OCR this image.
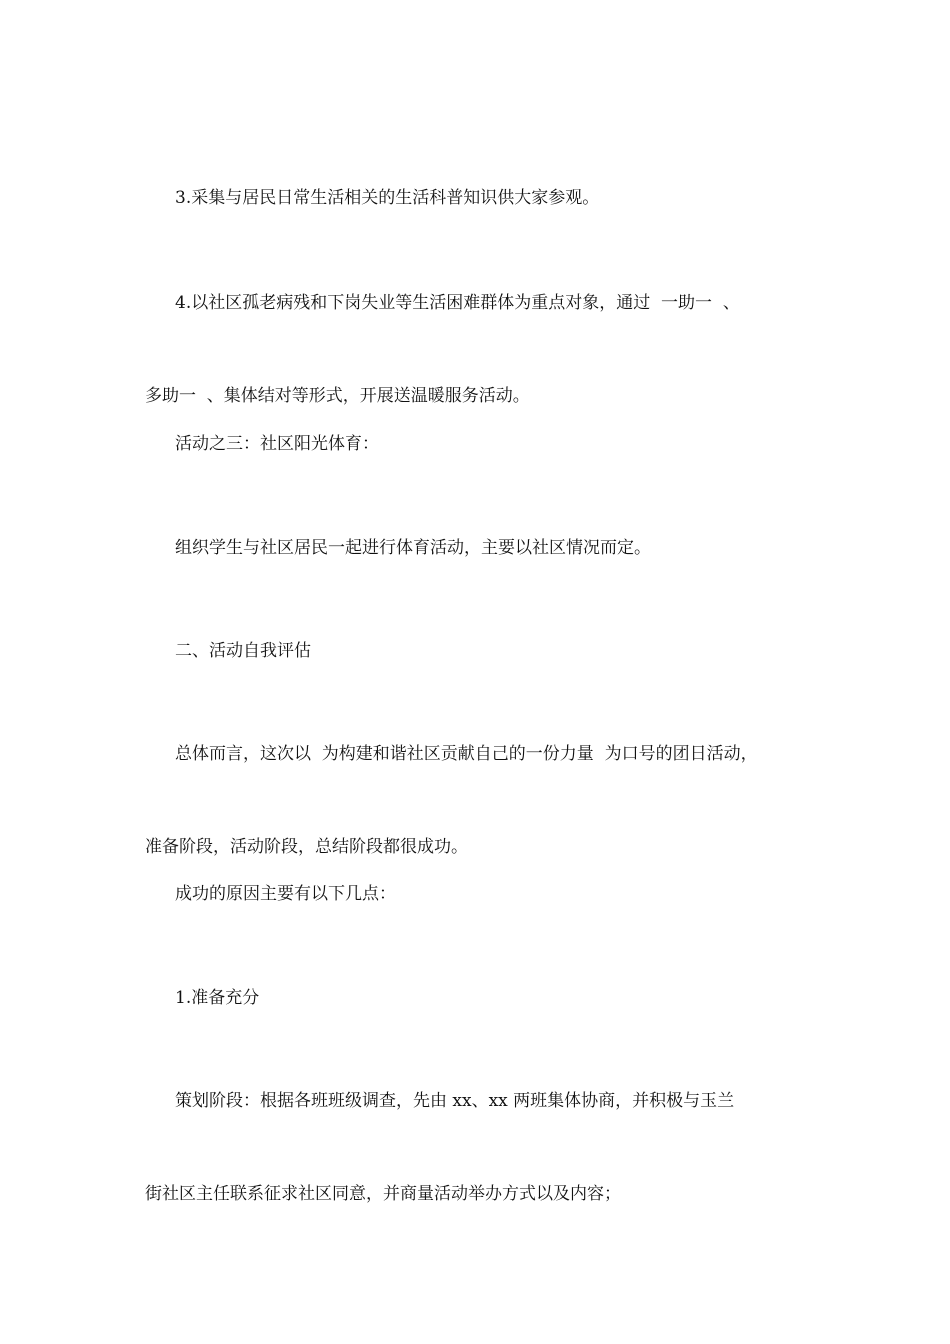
3.采集与居民日常生活相关的生活科普知识供大家参观。

4.以社区孤老病残和下岗失业等生活困难群体为重点对象，通过  一助一  、

多助一  、集体结对等形式，开展送温暖服务活动。

活动之三：社区阳光体育：

组织学生与社区居民一起进行体育活动，主要以社区情况而定。

二、活动自我评估

总体而言，这次以  为构建和谐社区贡献自己的一份力量  为口号的团日活动，

准备阶段，活动阶段，总结阶段都很成功。

成功的原因主要有以下几点：

1.准备充分

策划阶段：根据各班班级调查，先由 xx、xx 两班集体协商，并积极与玉兰

街社区主任联系征求社区同意，并商量活动举办方式以及内容；
